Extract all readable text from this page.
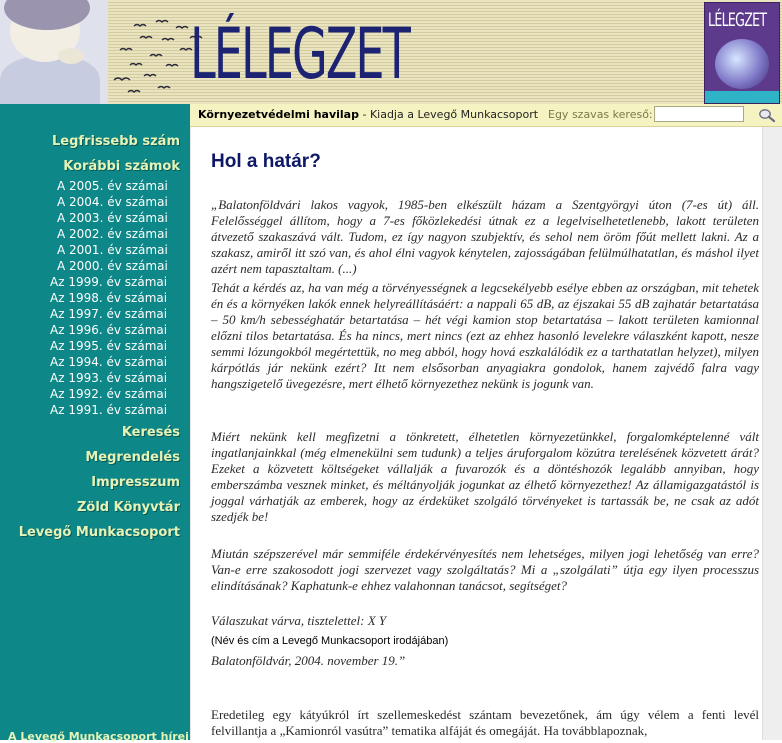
LÉLEGZET	LÉLEGZET
Legfrissebb szám
Korábbi számok
A 2005. év számai
A 2004. év számai
A 2003. év számai
A 2002. év számai
A 2001. év számai
A 2000. év számai
Az 1999. év számai
Az 1998. év számai
Az 1997. év számai
Az 1996. év számai
Az 1995. év számai
Az 1994. év számai
Az 1993. év számai
Az 1992. év számai
Az 1991. év számai
Keresés
Megrendelés
Impresszum
Zöld Könyvtár
Levegő Munkacsoport
A Levegő Munkacsoport hírei
Környezetvédelmi havilap - Kiadja a Levegő Munkacsoport Egy szavas kereső:
Hol a határ?
„Balatonföldvári lakos vagyok, 1985-ben elkészült házam a Szentgyörgyi úton (7-es út) áll. Felelősséggel állítom, hogy a 7-es főközlekedési útnak ez a legelviselhetetlenebb, lakott területen átvezető szakaszává vált. Tudom, ez így nagyon szubjektív, és sehol nem öröm főút mellett lakni. Az a szakasz, amiről itt szó van, és ahol élni vagyok kénytelen, zajosságában felülmúlhatatlan, és máshol ilyet azért nem tapasztaltam. (...)
Tehát a kérdés az, ha van még a törvényességnek a legcsekélyebb esélye ebben az országban, mit tehetek én és a környéken lakók ennek helyreállításáért: a nappali 65 dB, az éjszakai 55 dB zajhatár betartatása – 50 km/h sebességhatár betartatása – hét végi kamion stop betartatása – lakott területen kamionnal előzni tilos betartatása. És ha nincs, mert nincs (ezt az ehhez hasonló levelekre válaszként kapott, nesze semmi lózungokból megértettük, no meg abból, hogy hová eszkalálódik ez a tarthatatlan helyzet), milyen kárpótlás jár nekünk ezért? Itt nem elsősorban anyagiakra gondolok, hanem zajvédő falra vagy hangszigetelő üvegezésre, mert élhető környezethez nekünk is jogunk van.
Miért nekünk kell megfizetni a tönkretett, élhetetlen környezetünkkel, forgalomképtelenné vált ingatlanjainkkal (még elmenekülni sem tudunk) a teljes áruforgalom közútra terelésének közvetett árát? Ezeket a közvetett költségeket vállalják a fuvarozók és a döntéshozók legalább annyiban, hogy emberszámba vesznek minket, és méltányolják jogunkat az élhető környezethez! Az államigazgatástól is joggal várhatják az emberek, hogy az érdeküket szolgáló törvényeket is tartassák be, ne csak az adót szedjék be!
Miután szépszerével már semmiféle érdekérvényesítés nem lehetséges, milyen jogi lehetőség van erre? Van-e erre szakosodott jogi szervezet vagy szolgáltatás? Mi a „szolgálati” útja egy ilyen processzus elindításának? Kaphatunk-e ehhez valahonnan tanácsot, segítséget?
Válaszukat várva, tisztelettel: X Y
(Név és cím a Levegő Munkacsoport irodájában)
Balatonföldvár, 2004. november 19.”
Eredetileg egy kátyúkról írt szellemeskedést szántam bevezetőnek, ám úgy vélem a fenti levél felvillantja a „Kamionról vasútra” tematika alfáját és omegáját. Ha továbblapoznak,
